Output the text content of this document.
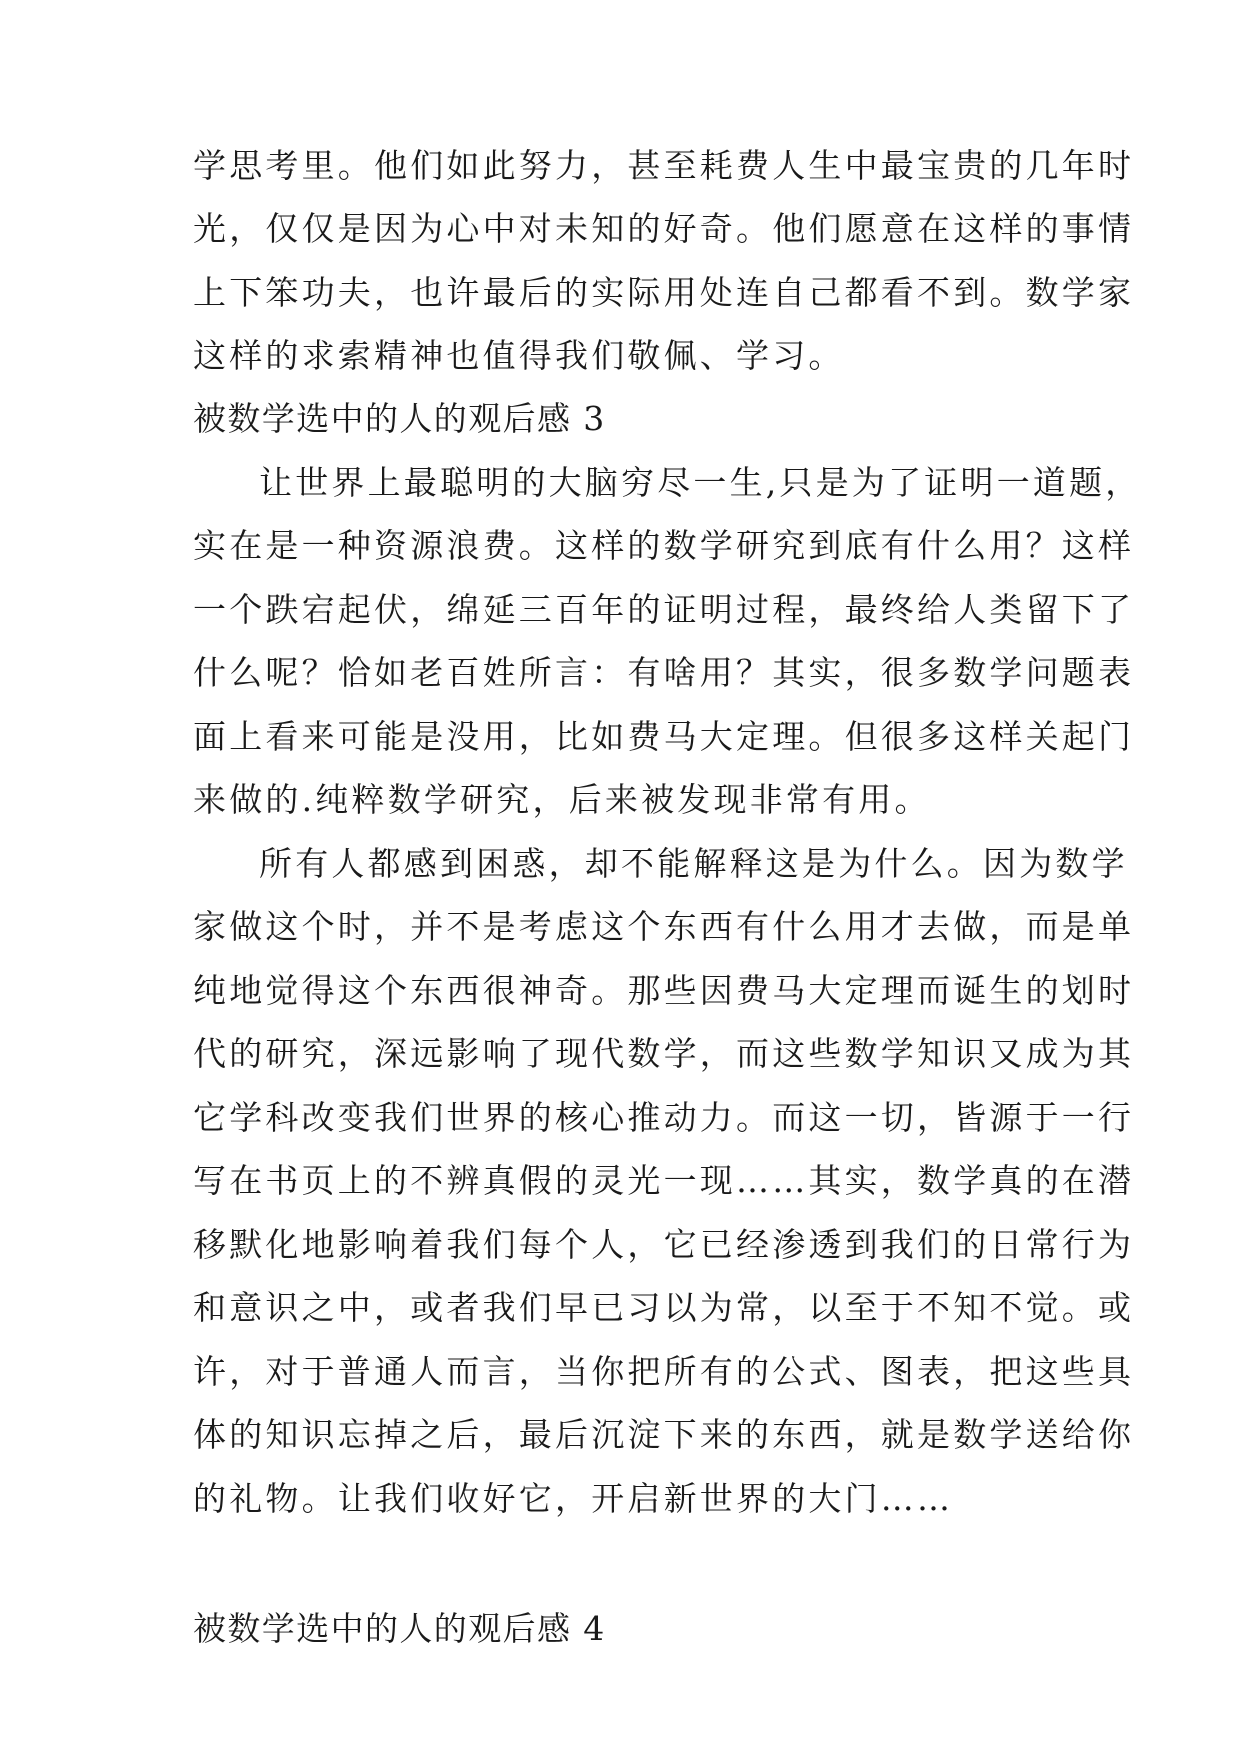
学思考里。他们如此努力，甚至耗费人生中最宝贵的几年时
光，仅仅是因为心中对未知的好奇。他们愿意在这样的事情
上下笨功夫，也许最后的实际用处连自己都看不到。数学家
这样的求索精神也值得我们敬佩、学习。
被数学选中的人的观后感 3
让世界上最聪明的大脑穷尽一生,只是为了证明一道题，
实在是一种资源浪费。这样的数学研究到底有什么用？这样
一个跌宕起伏，绵延三百年的证明过程，最终给人类留下了
什么呢？恰如老百姓所言：有啥用？其实，很多数学问题表
面上看来可能是没用，比如费马大定理。但很多这样关起门
来做的.纯粹数学研究，后来被发现非常有用。
所有人都感到困惑，却不能解释这是为什么。因为数学
家做这个时，并不是考虑这个东西有什么用才去做，而是单
纯地觉得这个东西很神奇。那些因费马大定理而诞生的划时
代的研究，深远影响了现代数学，而这些数学知识又成为其
它学科改变我们世界的核心推动力。而这一切，皆源于一行
写在书页上的不辨真假的灵光一现……其实，数学真的在潜
移默化地影响着我们每个人，它已经渗透到我们的日常行为
和意识之中，或者我们早已习以为常，以至于不知不觉。或
许，对于普通人而言，当你把所有的公式、图表，把这些具
体的知识忘掉之后，最后沉淀下来的东西，就是数学送给你
的礼物。让我们收好它，开启新世界的大门……
被数学选中的人的观后感 4
